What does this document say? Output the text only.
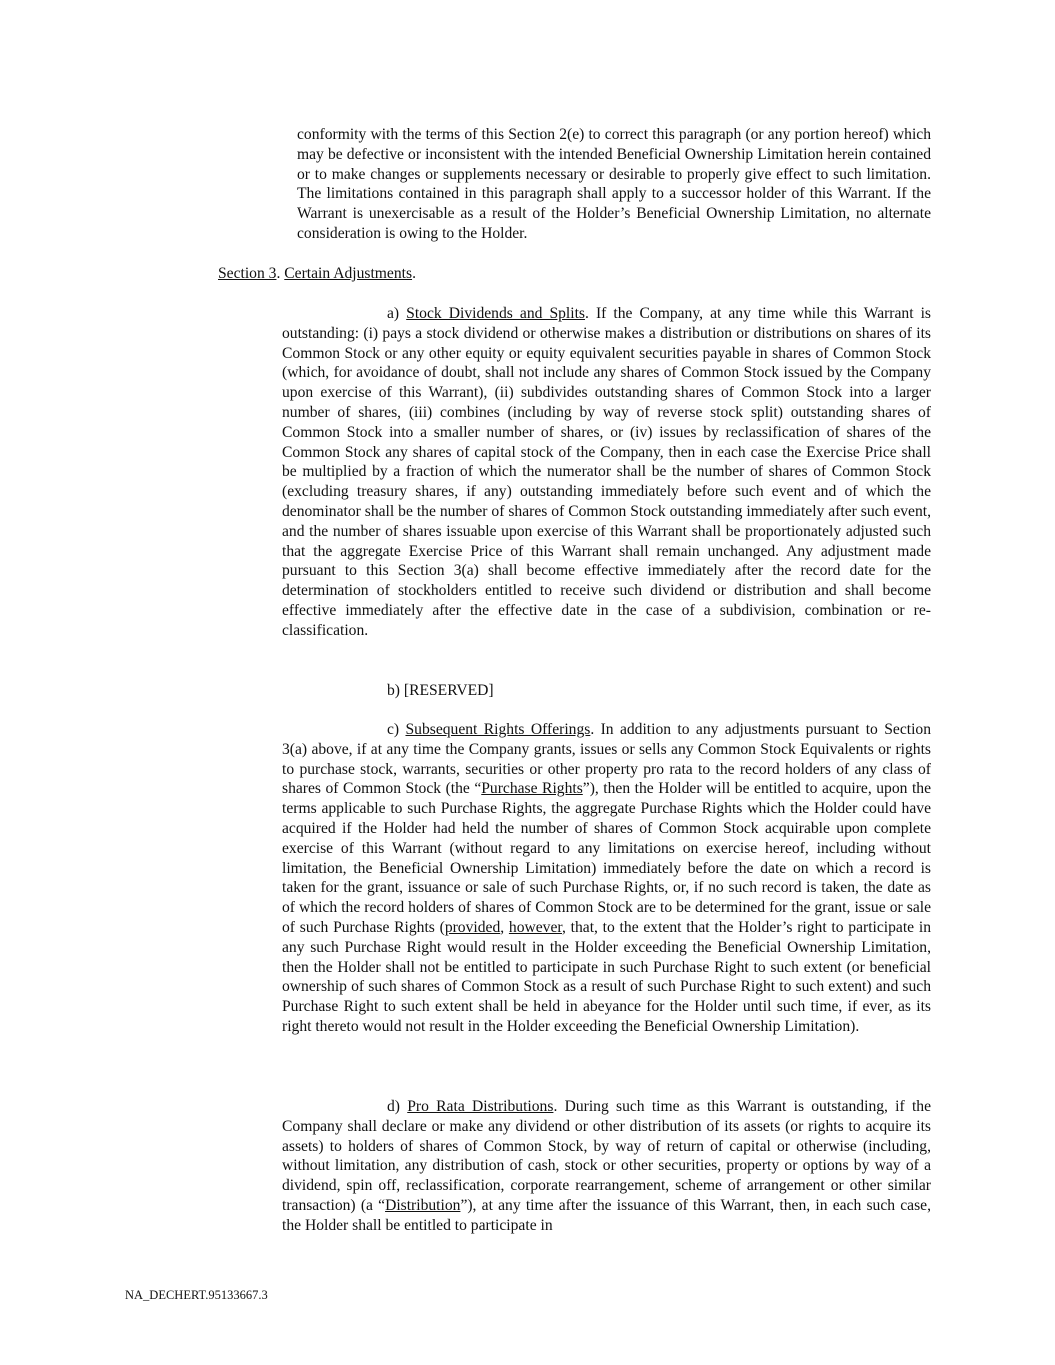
conformity with the terms of this Section 2(e) to correct this paragraph (or any portion hereof) which may be defective or inconsistent with the intended Beneficial Ownership Limitation herein contained or to make changes or supplements necessary or desirable to properly give effect to such limitation. The limitations contained in this paragraph shall apply to a successor holder of this Warrant. If the Warrant is unexercisable as a result of the Holder’s Beneficial Ownership Limitation, no alternate consideration is owing to the Holder.

Section 3. Certain Adjustments.

a) Stock Dividends and Splits. If the Company, at any time while this Warrant is outstanding: (i) pays a stock dividend or otherwise makes a distribution or distributions on shares of its Common Stock or any other equity or equity equivalent securities payable in shares of Common Stock (which, for avoidance of doubt, shall not include any shares of Common Stock issued by the Company upon exercise of this Warrant), (ii) subdivides outstanding shares of Common Stock into a larger number of shares, (iii) combines (including by way of reverse stock split) outstanding shares of Common Stock into a smaller number of shares, or (iv) issues by reclassification of shares of the Common Stock any shares of capital stock of the Company, then in each case the Exercise Price shall be multiplied by a fraction of which the numerator shall be the number of shares of Common Stock (excluding treasury shares, if any) outstanding immediately before such event and of which the denominator shall be the number of shares of Common Stock outstanding immediately after such event, and the number of shares issuable upon exercise of this Warrant shall be proportionately adjusted such that the aggregate Exercise Price of this Warrant shall remain unchanged. Any adjustment made pursuant to this Section 3(a) shall become effective immediately after the record date for the determination of stockholders entitled to receive such dividend or distribution and shall become effective immediately after the effective date in the case of a subdivision, combination or re-classification.

b) [RESERVED]

c) Subsequent Rights Offerings. In addition to any adjustments pursuant to Section 3(a) above, if at any time the Company grants, issues or sells any Common Stock Equivalents or rights to purchase stock, warrants, securities or other property pro rata to the record holders of any class of shares of Common Stock (the “Purchase Rights”), then the Holder will be entitled to acquire, upon the terms applicable to such Purchase Rights, the aggregate Purchase Rights which the Holder could have acquired if the Holder had held the number of shares of Common Stock acquirable upon complete exercise of this Warrant (without regard to any limitations on exercise hereof, including without limitation, the Beneficial Ownership Limitation) immediately before the date on which a record is taken for the grant, issuance or sale of such Purchase Rights, or, if no such record is taken, the date as of which the record holders of shares of Common Stock are to be determined for the grant, issue or sale of such Purchase Rights (provided, however, that, to the extent that the Holder’s right to participate in any such Purchase Right would result in the Holder exceeding the Beneficial Ownership Limitation, then the Holder shall not be entitled to participate in such Purchase Right to such extent (or beneficial ownership of such shares of Common Stock as a result of such Purchase Right to such extent) and such Purchase Right to such extent shall be held in abeyance for the Holder until such time, if ever, as its right thereto would not result in the Holder exceeding the Beneficial Ownership Limitation).

d) Pro Rata Distributions. During such time as this Warrant is outstanding, if the Company shall declare or make any dividend or other distribution of its assets (or rights to acquire its assets) to holders of shares of Common Stock, by way of return of capital or otherwise (including, without limitation, any distribution of cash, stock or other securities, property or options by way of a dividend, spin off, reclassification, corporate rearrangement, scheme of arrangement or other similar transaction) (a “Distribution”), at any time after the issuance of this Warrant, then, in each such case, the Holder shall be entitled to participate in

NA_DECHERT.95133667.3
